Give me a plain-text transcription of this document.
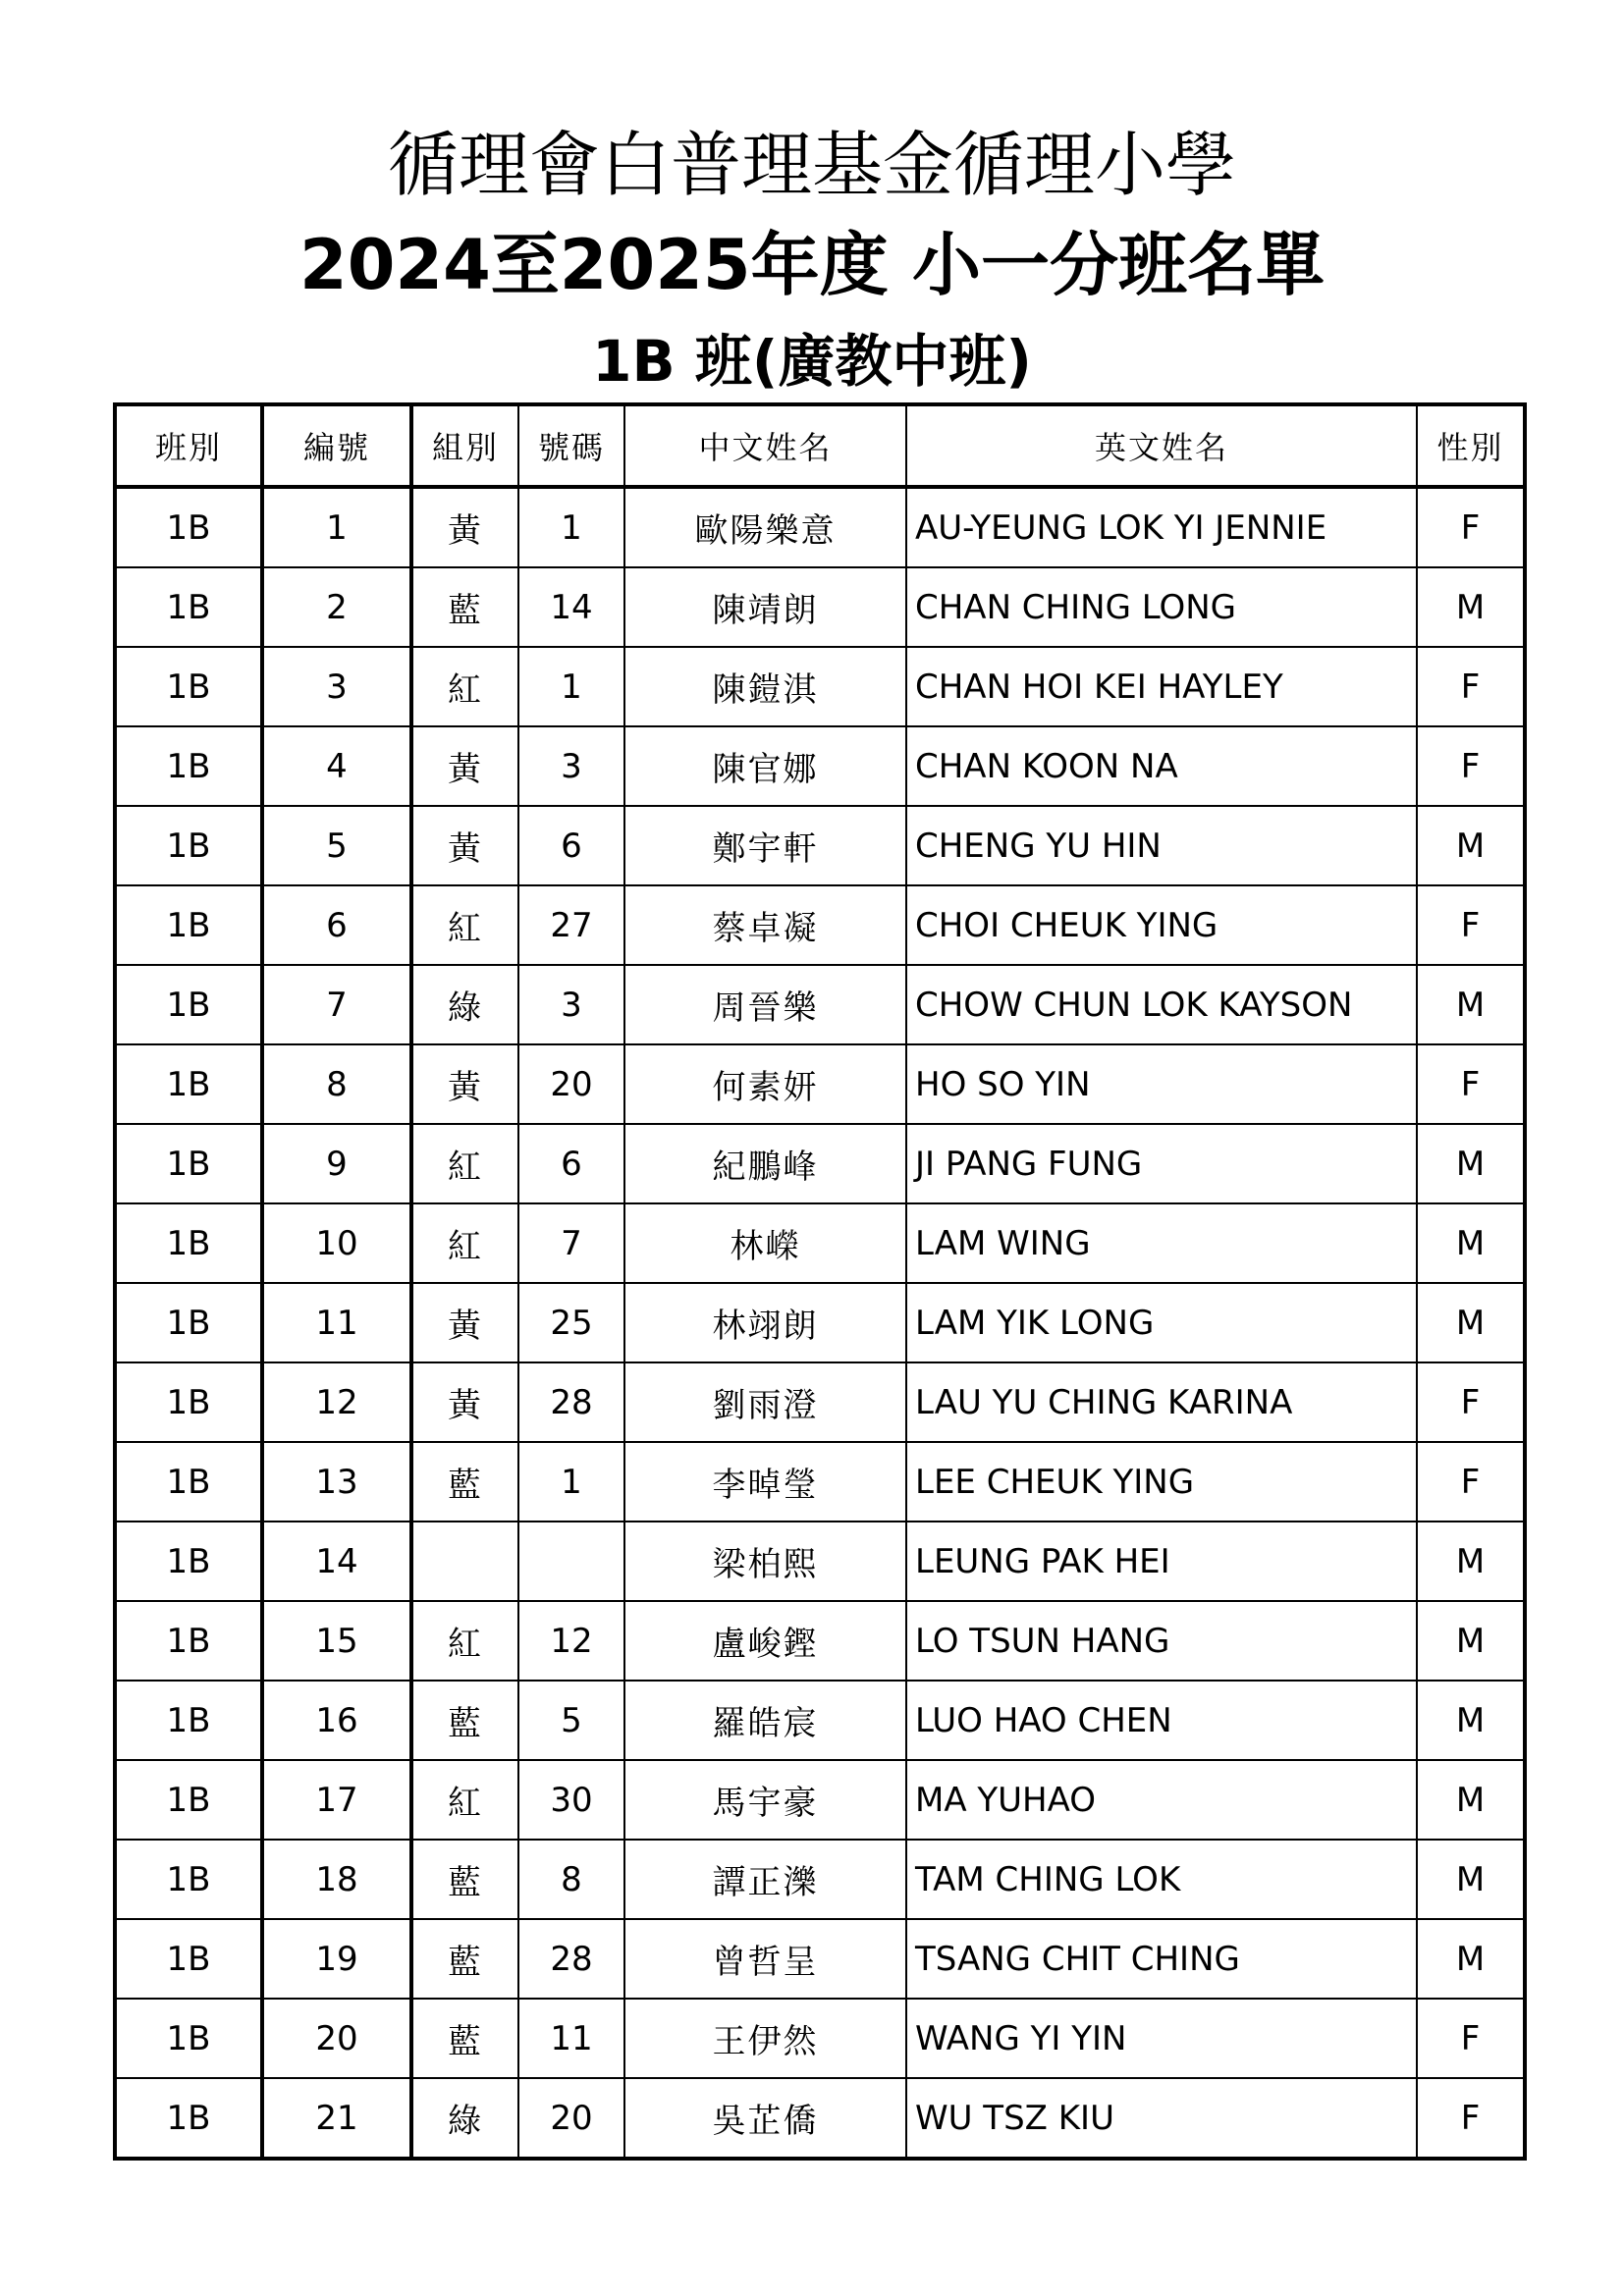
循理會白普理基金循理小學
2024至2025年度 小一分班名單
1B 班(廣教中班)
班別	編號	組別	號碼	中文姓名	英文姓名	性別
1B	1	黃	1	歐陽樂意	AU-YEUNG LOK YI JENNIE	F
1B	2	藍	14	陳靖朗	CHAN CHING LONG	M
1B	3	紅	1	陳鎧淇	CHAN HOI KEI HAYLEY	F
1B	4	黃	3	陳官娜	CHAN KOON NA	F
1B	5	黃	6	鄭宇軒	CHENG YU HIN	M
1B	6	紅	27	蔡卓凝	CHOI CHEUK YING	F
1B	7	綠	3	周晉樂	CHOW CHUN LOK KAYSON	M
1B	8	黃	20	何素妍	HO SO YIN	F
1B	9	紅	6	紀鵬峰	JI PANG FUNG	M
1B	10	紅	7	林嶸	LAM WING	M
1B	11	黃	25	林翊朗	LAM YIK LONG	M
1B	12	黃	28	劉雨澄	LAU YU CHING KARINA	F
1B	13	藍	1	李晫瑩	LEE CHEUK YING	F
1B	14			梁柏熙	LEUNG PAK HEI	M
1B	15	紅	12	盧峻鏗	LO TSUN HANG	M
1B	16	藍	5	羅皓宸	LUO HAO CHEN	M
1B	17	紅	30	馬宇豪	MA YUHAO	M
1B	18	藍	8	譚正濼	TAM CHING LOK	M
1B	19	藍	28	曾哲呈	TSANG CHIT CHING	M
1B	20	藍	11	王伊然	WANG YI YIN	F
1B	21	綠	20	吳芷僑	WU TSZ KIU	F
